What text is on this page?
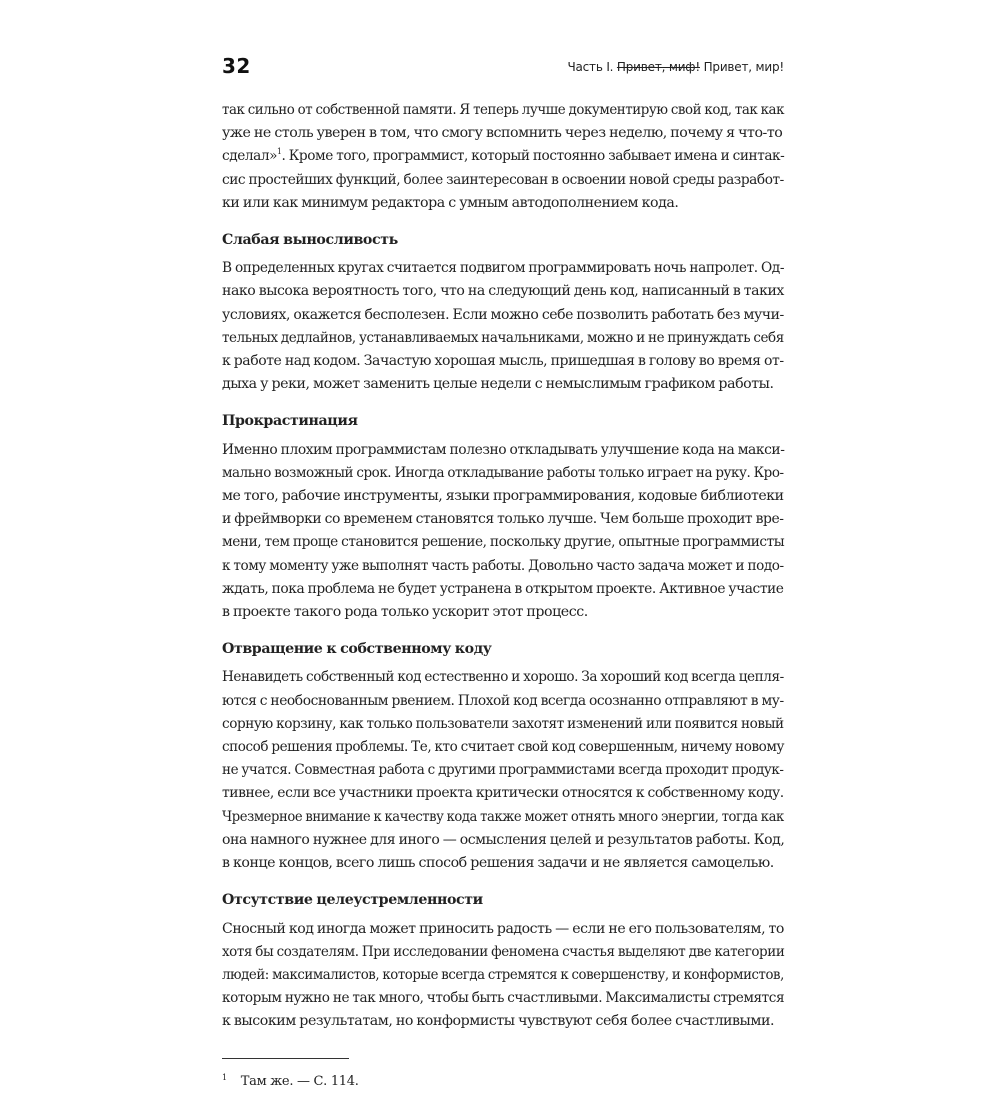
32	Часть I. Привет, миф! Привет, мир!
так сильно от собственной памяти. Я теперь лучше документирую свой код, так как
уже не столь уверен в том, что смогу вспомнить через неделю, почему я что-то
сделал»$^1$. Кроме того, программист, который постоянно забывает имена и синтак-
сис простейших функций, более заинтересован в освоении новой среды разработ-
ки или как минимум редактора с умным автодополнением кода.
Слабая выносливость
В определенных кругах считается подвигом программировать ночь напролет. Од-
нако высока вероятность того, что на следующий день код, написанный в таких
условиях, окажется бесполезен. Если можно себе позволить работать без мучи-
тельных дедлайнов, устанавливаемых начальниками, можно и не принуждать себя
к работе над кодом. Зачастую хорошая мысль, пришедшая в голову во время от-
дыха у реки, может заменить целые недели с немыслимым графиком работы.
Прокрастинация
Именно плохим программистам полезно откладывать улучшение кода на макси-
мально возможный срок. Иногда откладывание работы только играет на руку. Кро-
ме того, рабочие инструменты, языки программирования, кодовые библиотеки
и фреймворки со временем становятся только лучше. Чем больше проходит вре-
мени, тем проще становится решение, поскольку другие, опытные программисты
к тому моменту уже выполнят часть работы. Довольно часто задача может и подо-
ждать, пока проблема не будет устранена в открытом проекте. Активное участие
в проекте такого рода только ускорит этот процесс.
Отвращение к собственному коду
Ненавидеть собственный код естественно и хорошо. За хороший код всегда цепля-
ются с необоснованным рвением. Плохой код всегда осознанно отправляют в му-
сорную корзину, как только пользователи захотят изменений или появится новый
способ решения проблемы. Те, кто считает свой код совершенным, ничему новому
не учатся. Совместная работа с другими программистами всегда проходит продук-
тивнее, если все участники проекта критически относятся к собственному коду.
Чрезмерное внимание к качеству кода также может отнять много энергии, тогда как
она намного нужнее для иного — осмысления целей и результатов работы. Код,
в конце концов, всего лишь способ решения задачи и не является самоцелью.
Отсутствие целеустремленности
Сносный код иногда может приносить радость — если не его пользователям, то
хотя бы создателям. При исследовании феномена счастья выделяют две категории
людей: максималистов, которые всегда стремятся к совершенству, и конформистов,
которым нужно не так много, чтобы быть счастливыми. Максималисты стремятся
к высоким результатам, но конформисты чувствуют себя более счастливыми.
$^1$ Там же. — С. 114.
